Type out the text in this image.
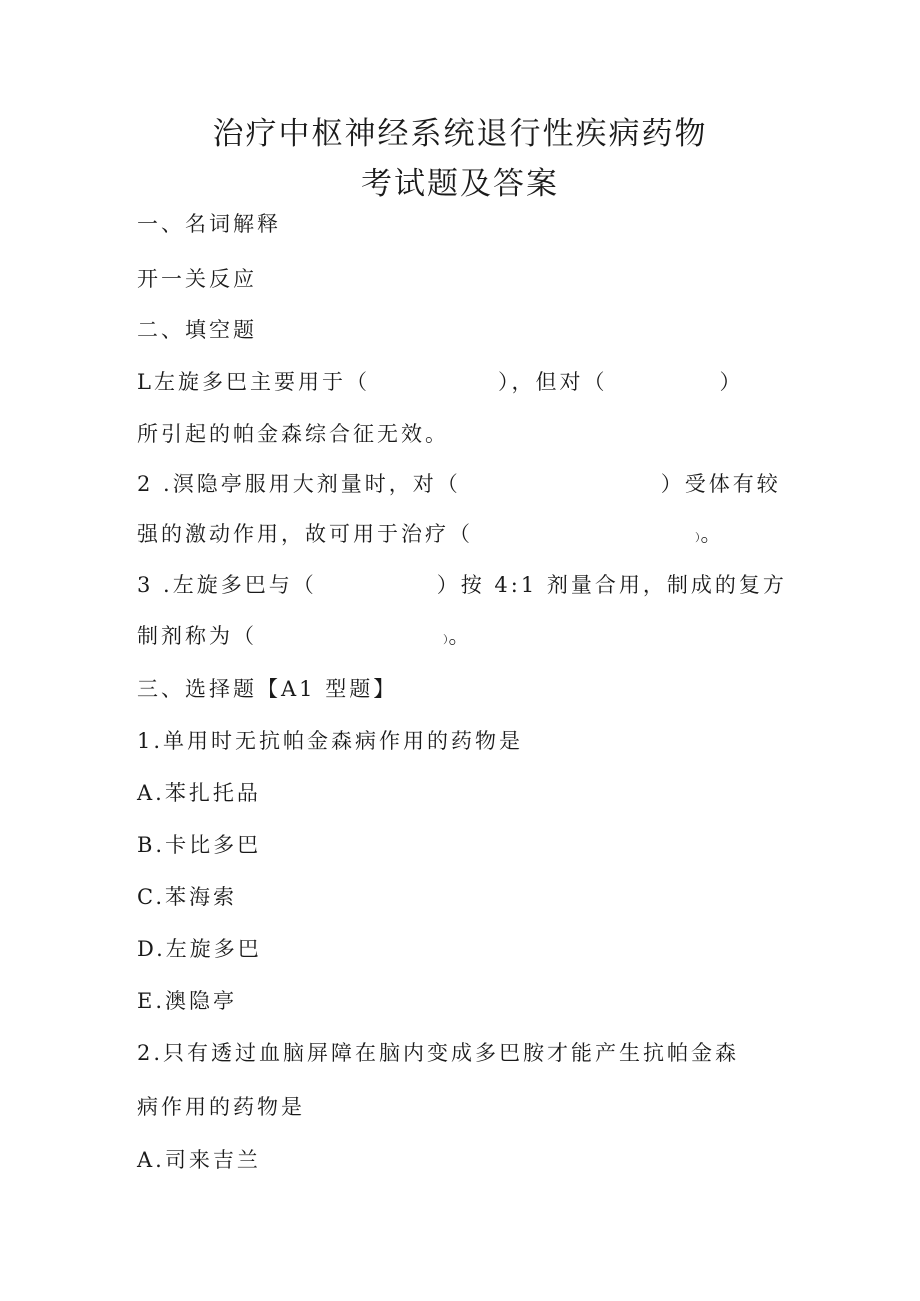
治疗中枢神经系统退行性疾病药物
考试题及答案
一、名词解释
开一关反应
二、填空题
L左旋多巴主要用于（	），但对（	）
所引起的帕金森综合征无效。
2 .溟隐亭服用大剂量时，对（	）受体有较
强的激动作用，故可用于治疗（	）。
3 .左旋多巴与（	）按 4:1 剂量合用，制成的复方
制剂称为（	）。
三、选择题【A1 型题】
1.单用时无抗帕金森病作用的药物是
A.苯扎托品
B.卡比多巴
C.苯海索
D.左旋多巴
E.澳隐亭
2.只有透过血脑屏障在脑内变成多巴胺才能产生抗帕金森
病作用的药物是
A.司来吉兰
